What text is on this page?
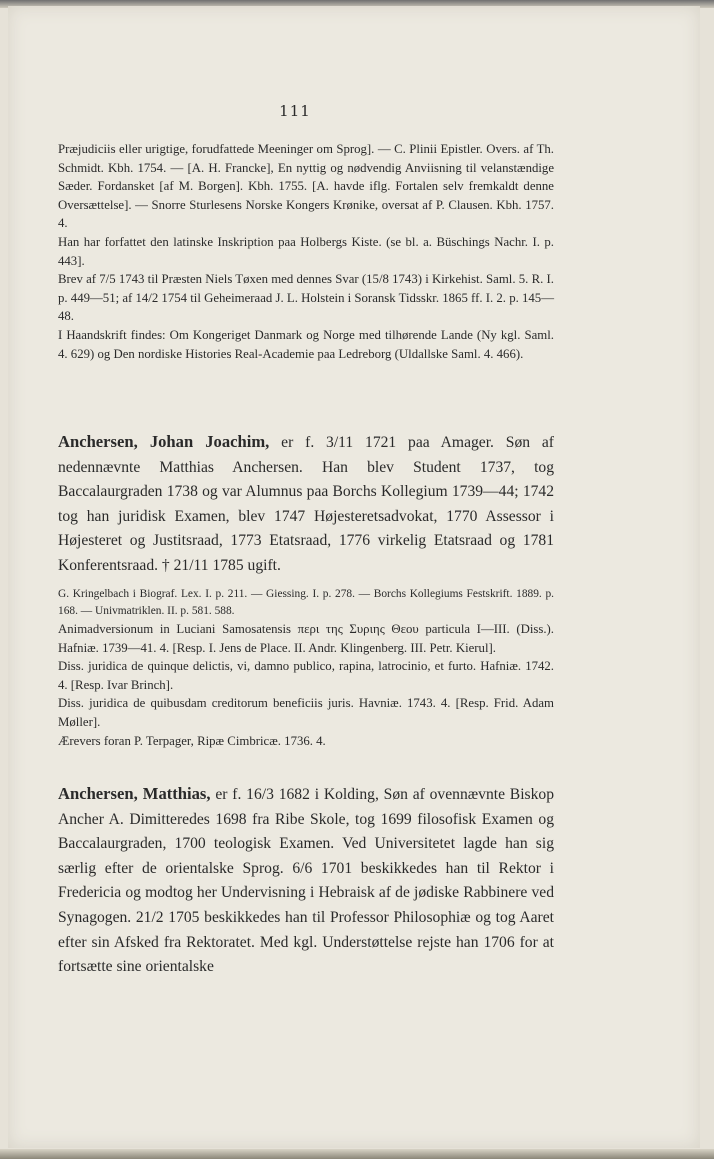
111

Præjudiciis eller urigtige, forudfattede Meeninger om Sprog]. — C. Plinii Epistler. Overs. af Th. Schmidt. Kbh. 1754. — [A. H. Francke], En nyttig og nødvendig Anviisning til velanstændige Sæder. Fordansket [af M. Borgen]. Kbh. 1755. [A. havde iflg. Fortalen selv fremkaldt denne Oversættelse]. — Snorre Sturlesens Norske Kongers Krønike, oversat af P. Clausen. Kbh. 1757. 4.

Han har forfattet den latinske Inskription paa Holbergs Kiste. (se bl. a. Büschings Nachr. I. p. 443].

Brev af 7/5 1743 til Præsten Niels Tøxen med dennes Svar (15/8 1743) i Kirkehist. Saml. 5. R. I. p. 449—51; af 14/2 1754 til Geheimeraad J. L. Holstein i Soransk Tidsskr. 1865 ff. I. 2. p. 145—48.

I Haandskrift findes: Om Kongeriget Danmark og Norge med tilhørende Lande (Ny kgl. Saml. 4. 629) og Den nordiske Histories Real-Academie paa Ledreborg (Uldallske Saml. 4. 466).

Anchersen, Johan Joachim, er f. 3/11 1721 paa Amager. Søn af nedennævnte Matthias Anchersen. Han blev Student 1737, tog Baccalaurgraden 1738 og var Alumnus paa Borchs Kollegium 1739—44; 1742 tog han juridisk Examen, blev 1747 Højesteretsadvokat, 1770 Assessor i Højesteret og Justitsraad, 1773 Etatsraad, 1776 virkelig Etatsraad og 1781 Konferentsraad. † 21/11 1785 ugift.

G. Kringelbach i Biograf. Lex. I. p. 211. — Giessing. I. p. 278. — Borchs Kollegiums Festskrift. 1889. p. 168. — Univmatriklen. II. p. 581. 588.

Animadversionum in Luciani Samosatensis περι της Συριης Θεου particula I—III. (Diss.). Hafniæ. 1739—41. 4. [Resp. I. Jens de Place. II. Andr. Klingenberg. III. Petr. Kierul].

Diss. juridica de quinque delictis, vi, damno publico, rapina, latrocinio, et furto. Hafniæ. 1742. 4. [Resp. Ivar Brinch].

Diss. juridica de quibusdam creditorum beneficiis juris. Havniæ. 1743. 4. [Resp. Frid. Adam Møller].

Ærevers foran P. Terpager, Ripæ Cimbricæ. 1736. 4.

Anchersen, Matthias, er f. 16/3 1682 i Kolding, Søn af ovennævnte Biskop Ancher A. Dimitteredes 1698 fra Ribe Skole, tog 1699 filosofisk Examen og Baccalaurgraden, 1700 teologisk Examen. Ved Universitetet lagde han sig særlig efter de orientalske Sprog. 6/6 1701 beskikkedes han til Rektor i Fredericia og modtog her Undervisning i Hebraisk af de jødiske Rabbinere ved Synagogen. 21/2 1705 beskikkedes han til Professor Philosophiæ og tog Aaret efter sin Afsked fra Rektoratet. Med kgl. Understøttelse rejste han 1706 for at fortsætte sine orientalske
